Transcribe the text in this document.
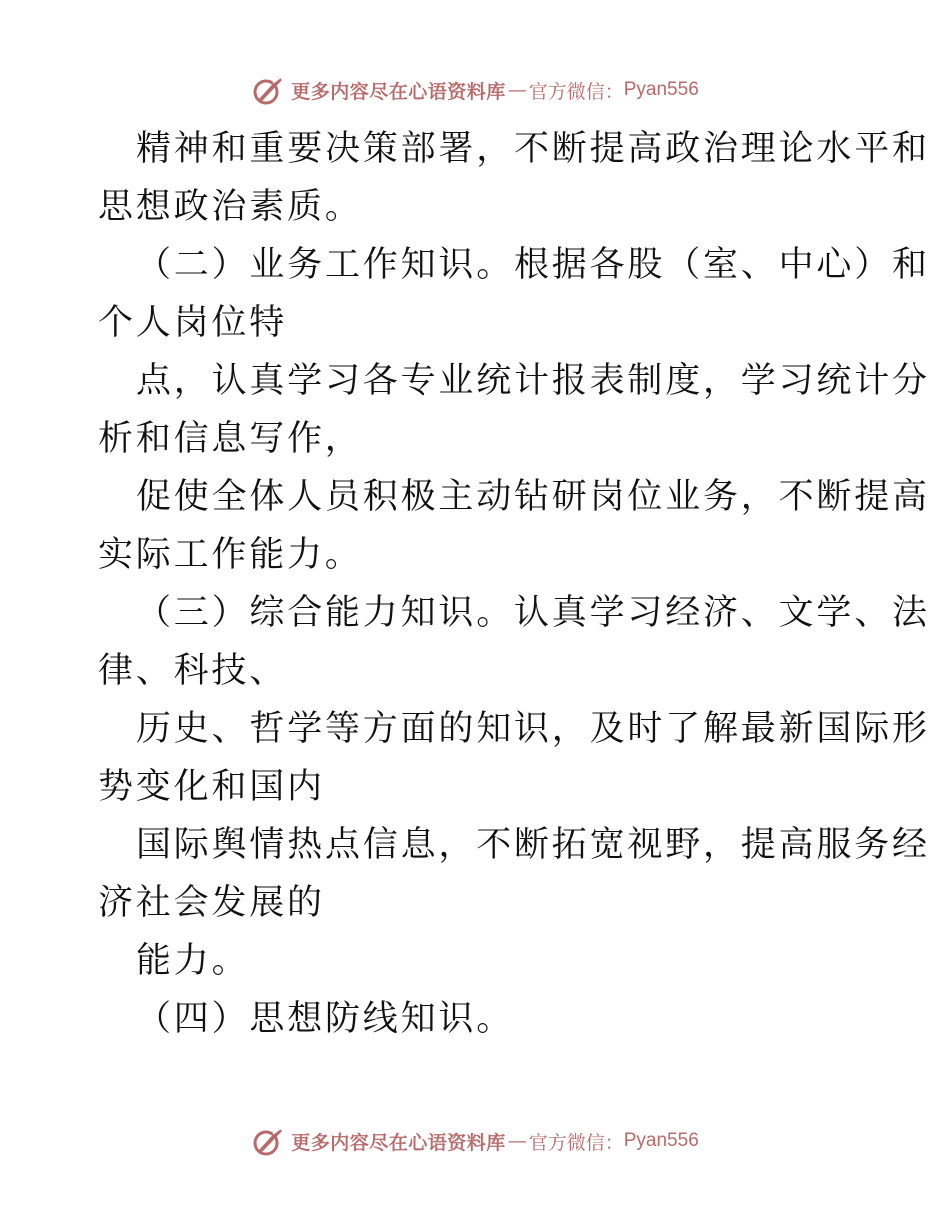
更多内容尽在心语资料库 — 官方微信： Pyan556
精神和重要决策部署，不断提高政治理论水平和
思想政治素质。
（二）业务工作知识。根据各股（室、中心）和
个人岗位特
点，认真学习各专业统计报表制度，学习统计分
析和信息写作，
促使全体人员积极主动钻研岗位业务，不断提高
实际工作能力。
（三）综合能力知识。认真学习经济、文学、法
律、科技、
历史、哲学等方面的知识，及时了解最新国际形
势变化和国内
国际舆情热点信息，不断拓宽视野，提高服务经
济社会发展的
能力。
（四）思想防线知识。
更多内容尽在心语资料库 — 官方微信： Pyan556
